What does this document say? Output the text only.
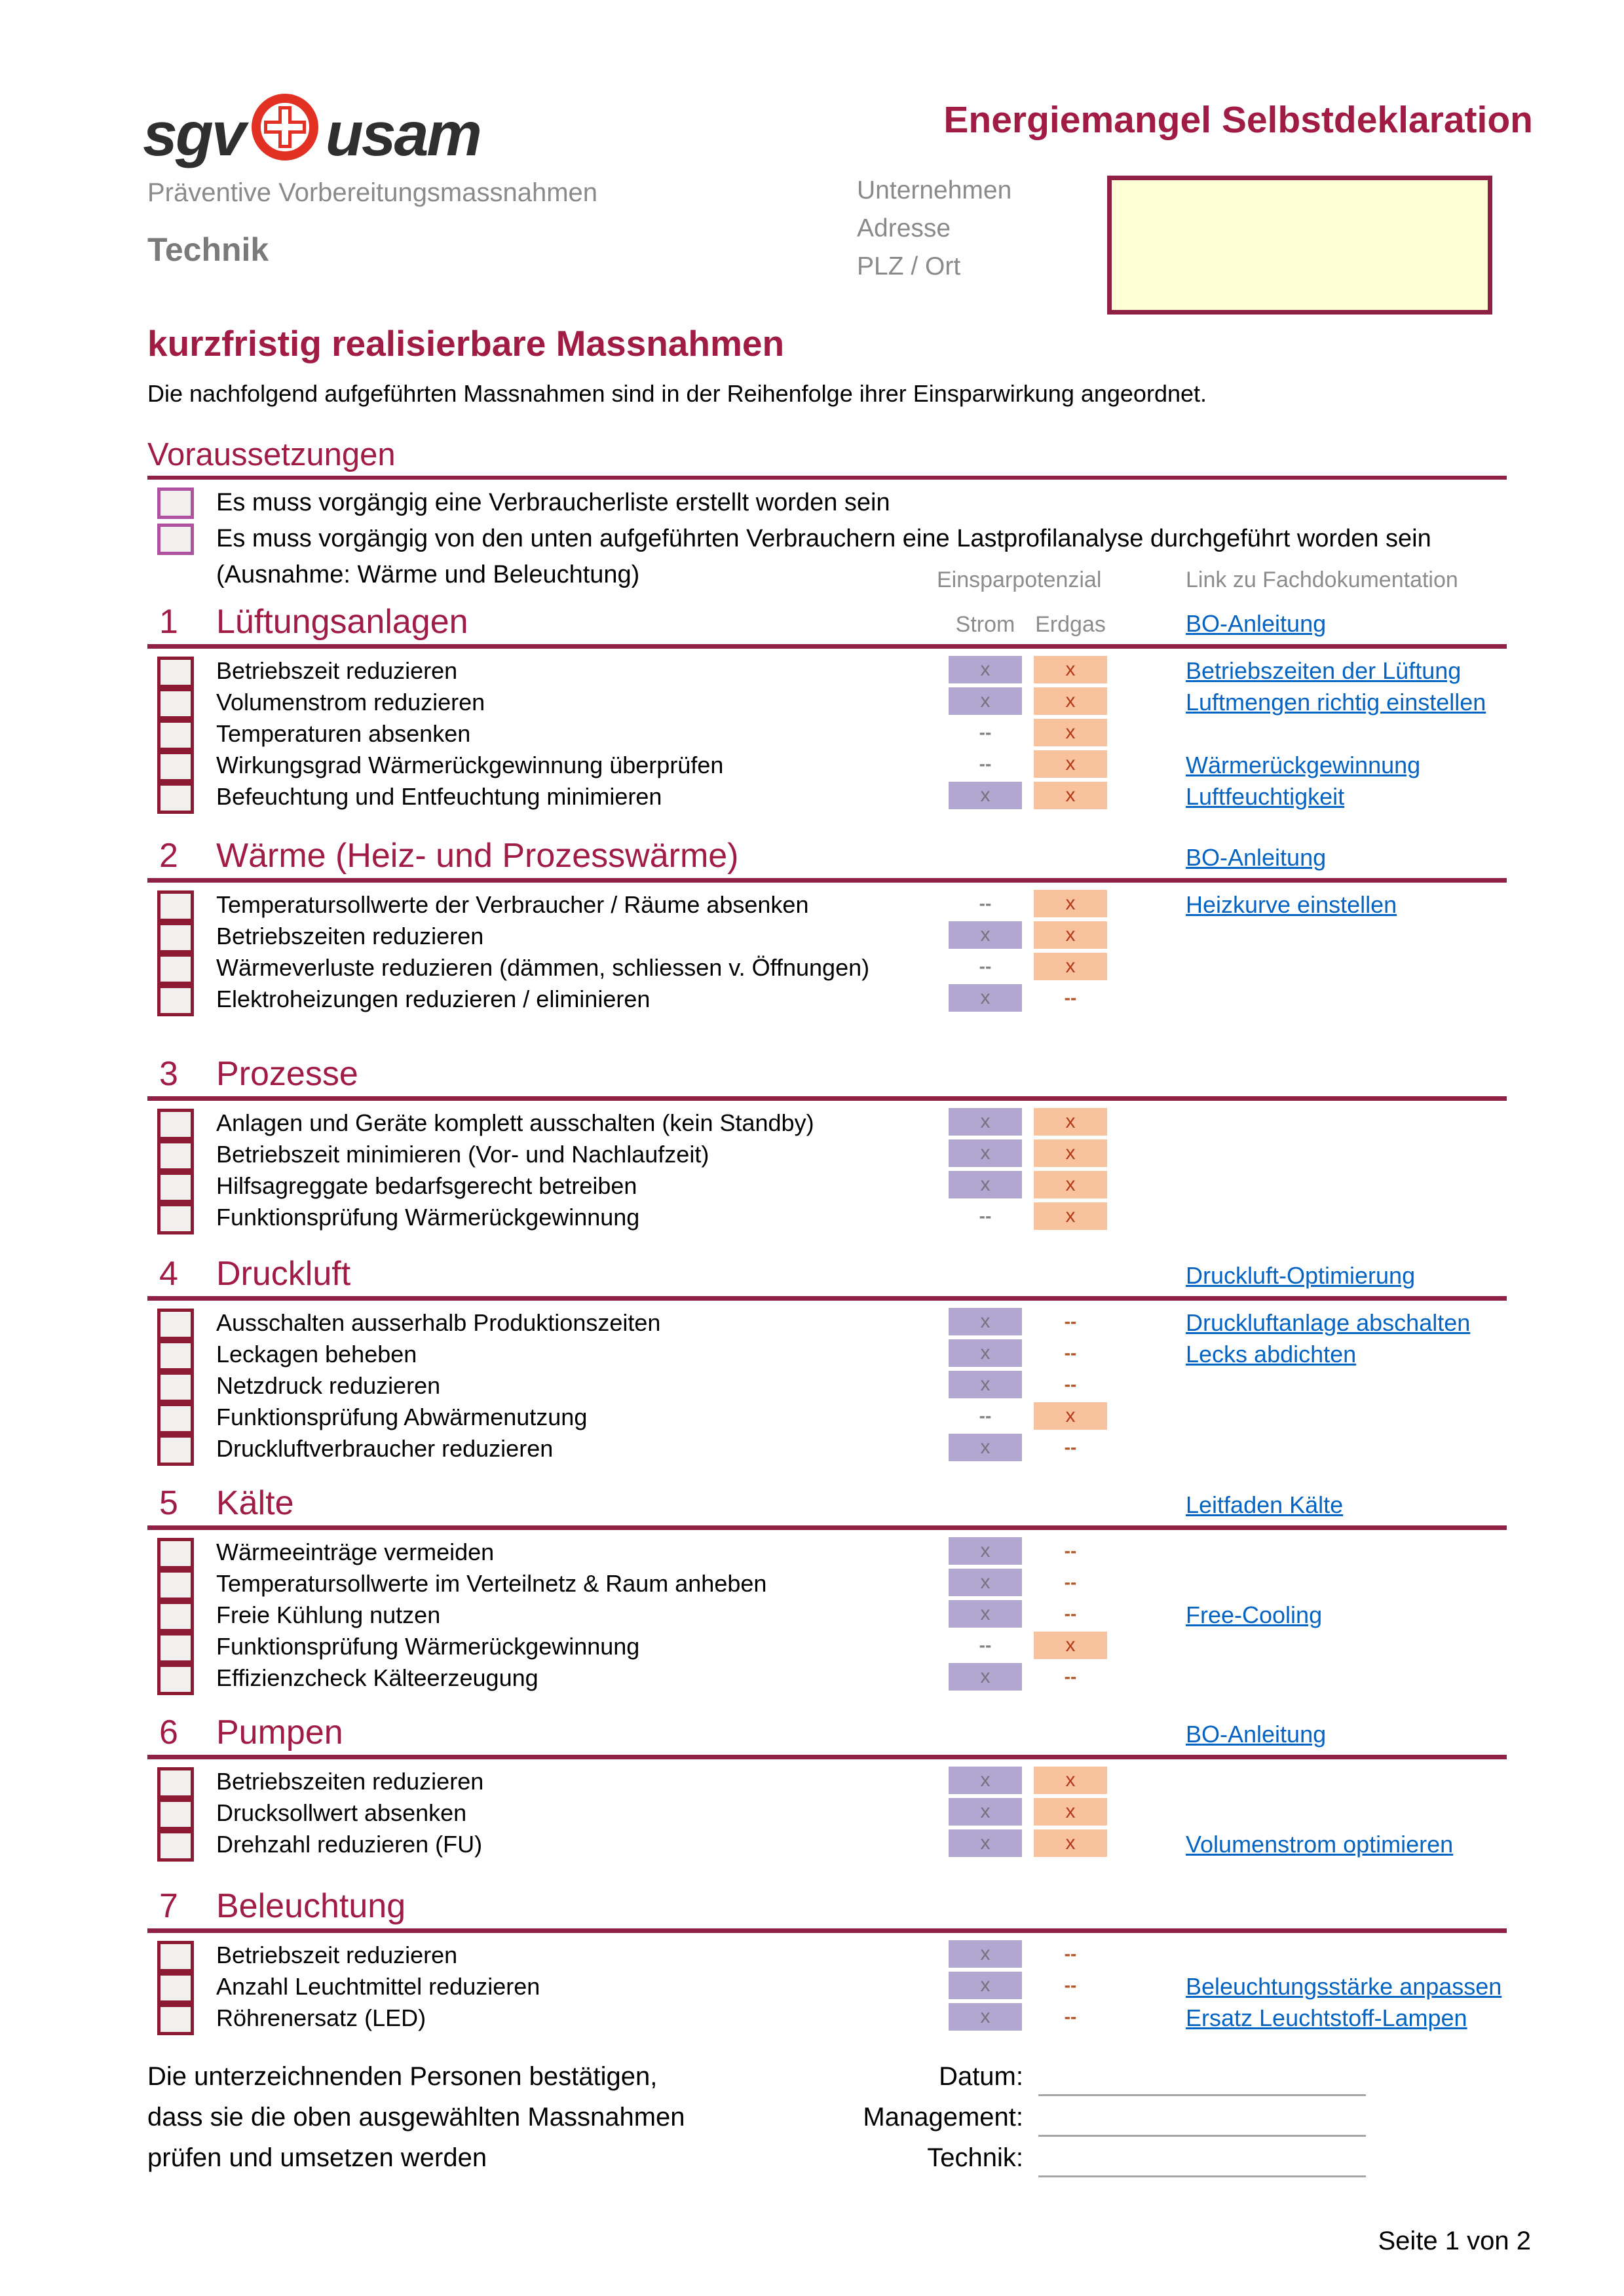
sgv usam	Energiemangel Selbstdeklaration
Präventive Vorbereitungsmassnahmen
Technik
Unternehmen
Adresse
PLZ / Ort
kurzfristig realisierbare Massnahmen
Die nachfolgend aufgeführten Massnahmen sind in der Reihenfolge ihrer Einsparwirkung angeordnet.
Voraussetzungen
Es muss vorgängig eine Verbraucherliste erstellt worden sein
Es muss vorgängig von den unten aufgeführten Verbrauchern eine Lastprofilanalyse durchgeführt worden sein
(Ausnahme: Wärme und Beleuchtung)	Einsparpotenzial	Link zu Fachdokumentation
1 Lüftungsanlagen	Strom Erdgas	BO-Anleitung
Betriebszeit reduzieren	x	x	Betriebszeiten der Lüftung
Volumenstrom reduzieren	x	x	Luftmengen richtig einstellen
Temperaturen absenken	--	x
Wirkungsgrad Wärmerückgewinnung überprüfen	--	x	Wärmerückgewinnung
Befeuchtung und Entfeuchtung minimieren	x	x	Luftfeuchtigkeit
2 Wärme (Heiz- und Prozesswärme)	BO-Anleitung
Temperatursollwerte der Verbraucher / Räume absenken	--	x	Heizkurve einstellen
Betriebszeiten reduzieren	x	x
Wärmeverluste reduzieren (dämmen, schliessen v. Öffnungen)	--	x
Elektroheizungen reduzieren / eliminieren	x	--
3 Prozesse
Anlagen und Geräte komplett ausschalten (kein Standby)	x	x
Betriebszeit minimieren (Vor- und Nachlaufzeit)	x	x
Hilfsagreggate bedarfsgerecht betreiben	x	x
Funktionsprüfung Wärmerückgewinnung	--	x
4 Druckluft	Druckluft-Optimierung
Ausschalten ausserhalb Produktionszeiten	x	--	Druckluftanlage abschalten
Leckagen beheben	x	--	Lecks abdichten
Netzdruck reduzieren	x	--
Funktionsprüfung Abwärmenutzung	--	x
Druckluftverbraucher reduzieren	x	--
5 Kälte	Leitfaden Kälte
Wärmeeinträge vermeiden	x	--
Temperatursollwerte im Verteilnetz & Raum anheben	x	--
Freie Kühlung nutzen	x	--	Free-Cooling
Funktionsprüfung Wärmerückgewinnung	--	x
Effizienzcheck Kälteerzeugung	x	--
6 Pumpen	BO-Anleitung
Betriebszeiten reduzieren	x	x
Drucksollwert absenken	x	x
Drehzahl reduzieren (FU)	x	x	Volumenstrom optimieren
7 Beleuchtung
Betriebszeit reduzieren	x	--
Anzahl Leuchtmittel reduzieren	x	--	Beleuchtungsstärke anpassen
Röhrenersatz (LED)	x	--	Ersatz Leuchtstoff-Lampen
Die unterzeichnenden Personen bestätigen,
dass sie die oben ausgewählten Massnahmen
prüfen und umsetzen werden
Datum:
Management:
Technik:
Seite 1 von 2
